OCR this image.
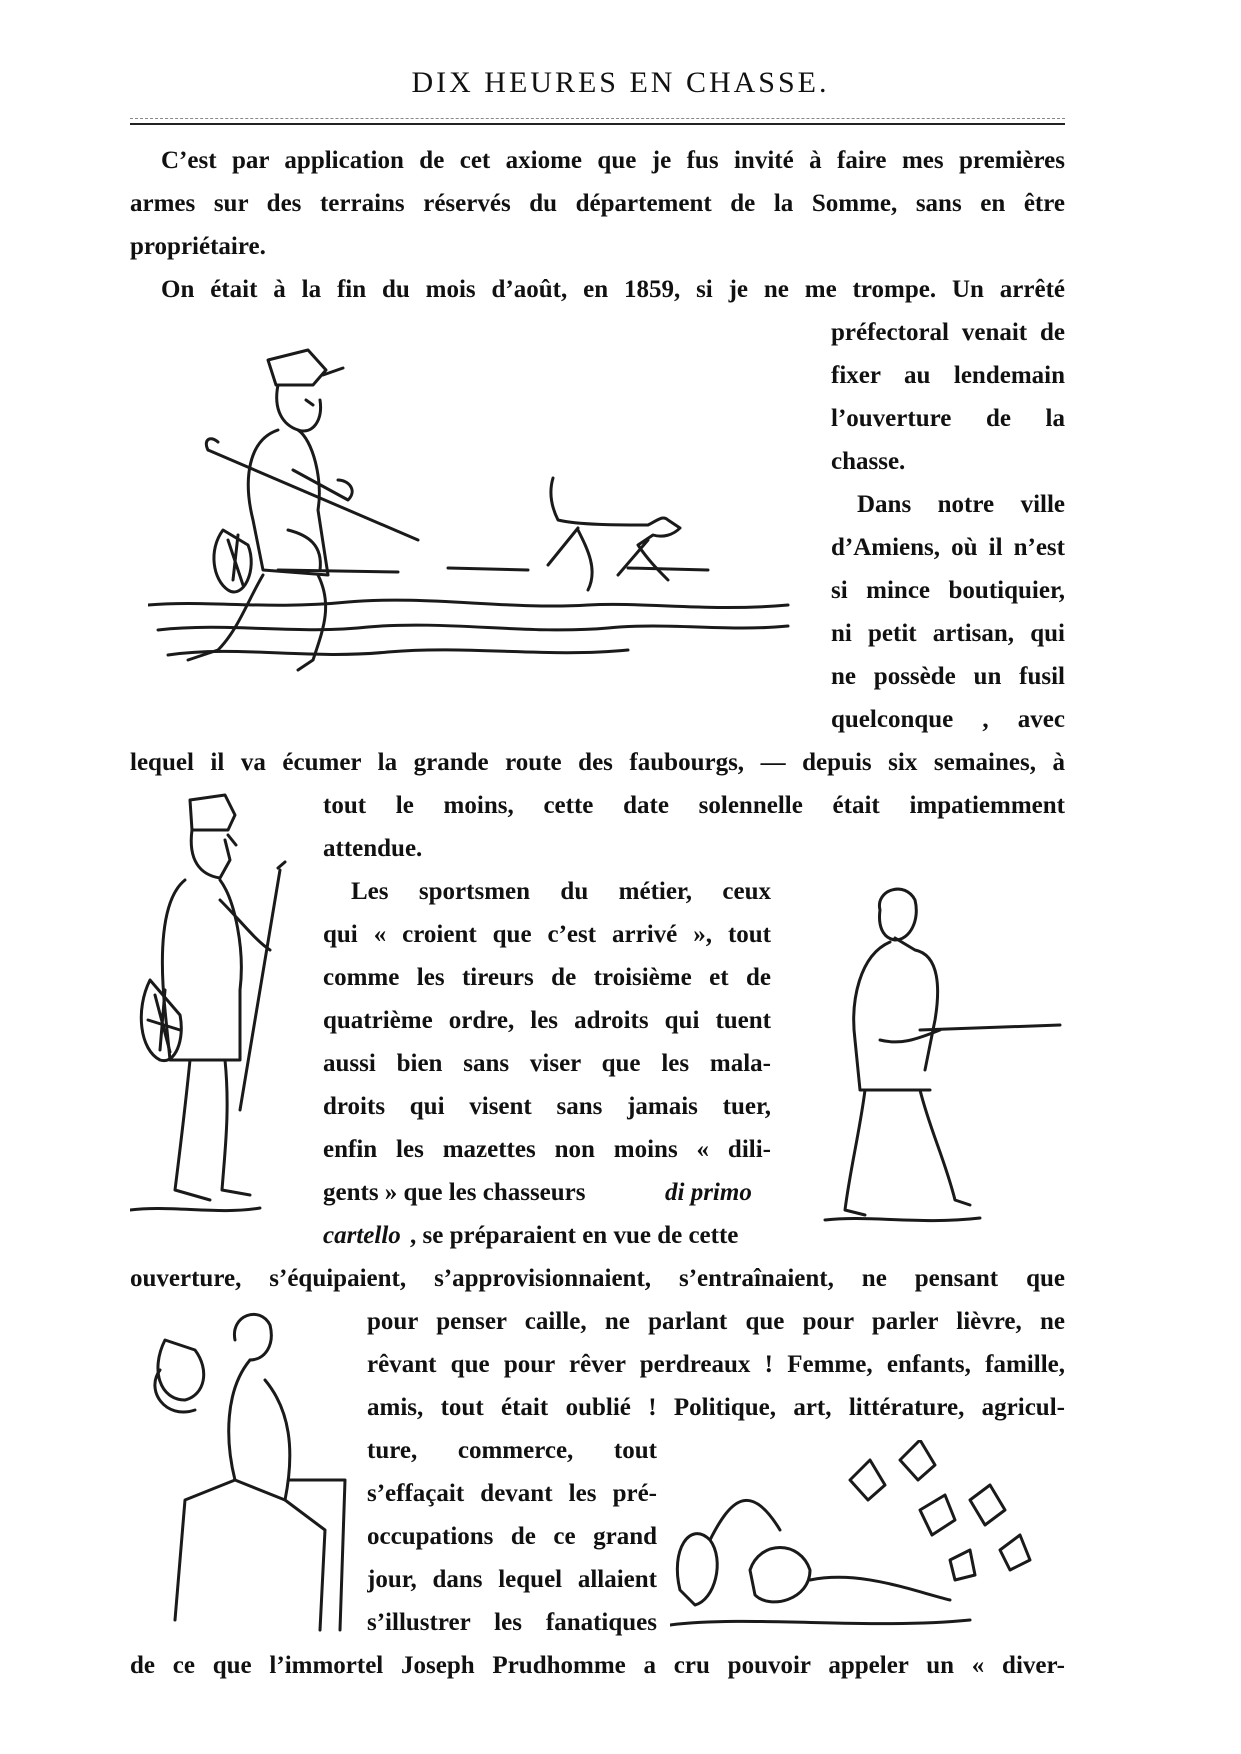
DIX HEURES EN CHASSE.
C’est par application de cet axiome que je fus invité à faire mes premières
armes sur des terrains réservés du département de la Somme, sans en être
propriétaire.
On était à la fin du mois d’août, en 1859, si je ne me trompe. Un arrêté
préfectoral venait de
fixer au lendemain
l’ouverture de la
chasse.
Dans notre ville
d’Amiens, où il n’est
si mince boutiquier,
ni petit artisan, qui
ne possède un fusil
quelconque , avec
lequel il va écumer la grande route des faubourgs, — depuis six semaines, à
tout le moins, cette date solennelle était impatiemment
attendue.
Les sportsmen du métier, ceux
qui « croient que c’est arrivé », tout
comme les tireurs de troisième et de
quatrième ordre, les adroits qui tuent
aussi bien sans viser que les mala-
droits qui visent sans jamais tuer,
enfin les mazettes non moins « dili-
gents » que les chasseurs	di primo
cartello , se préparaient en vue de cette
ouverture, s’équipaient, s’approvisionnaient, s’entraînaient, ne pensant que
pour penser caille, ne parlant que pour parler lièvre, ne
rêvant que pour rêver perdreaux ! Femme, enfants, famille,
amis, tout était oublié ! Politique, art, littérature, agricul-
ture, commerce, tout
s’effaçait devant les pré-
occupations de ce grand
jour, dans lequel allaient
s’illustrer les fanatiques
de ce que l’immortel Joseph Prudhomme a cru pouvoir appeler un « diver-
